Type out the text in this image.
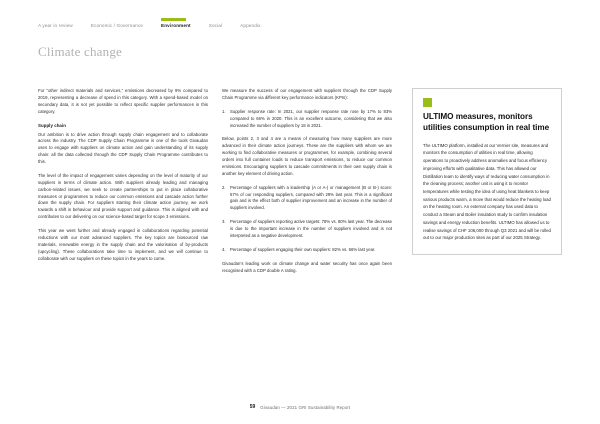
A year in review	Economic / Governance	Environment	Social	Appendix
Climate change

For “other indirect materials and services,” emissions decreased by 9% compared to 2019, representing a decrease of spend in this category. With a spend-based model on secondary data, it is not yet possible to reflect specific supplier performances in this category.

Supply chain

Our ambition is to drive action through supply chain engagement and to collaborate across the industry. The CDP Supply Chain Programme is one of the tools Givaudan uses to engage with suppliers on climate action and gain understanding of its supply chain: all the data collected through the CDP Supply Chain Programme contributes to this.

The level of the impact of engagement varies depending on the level of maturity of our suppliers in terms of climate action. With suppliers already leading and managing carbon-related issues, we seek to create partnerships to put in place collaborative measures or programmes to reduce our common emissions and cascade action further down the supply chain. For suppliers starting their climate action journey, we work towards a shift in behaviour and provide support and guidance. This is aligned with and contributes to our delivering on our science-based target for scope 3 emissions.

This year we went further and already engaged in collaborations regarding potential reductions with our most advanced suppliers. The key topics are biosourced raw materials, renewable energy in the supply chain and the valorisation of by-products (upcycling). These collaborations take time to implement, and we will continue to collaborate with our suppliers on these topics in the years to come.

We measure the success of our engagement with suppliers through the CDP Supply Chain Programme via different key performance indicators (KPIs):

Supplier response rate: In 2021, our supplier response rate rose by 17% to 83% compared to 66% in 2020. This is an excellent outcome, considering that we also increased the number of suppliers by 18 in 2021.

Below, points 2, 3 and 4 are a means of measuring how many suppliers are more advanced in their climate action journeys. These are the suppliers with whom we are working to find collaborative measures or programmes, for example, combining several orders into full container loads to reduce transport emissions, to reduce our common emissions. Encouraging suppliers to cascade commitments in their own supply chain is another key element of driving action.

Percentage of suppliers with a leadership (A or A-) or management (B or B-) score: 57% of our responding suppliers, compared with 29% last year. This is a significant gain and is the effect both of supplier improvement and an increase in the number of suppliers involved.
Percentage of suppliers reporting active targets: 78% vs. 80% last year. The decrease is due to the important increase in the number of suppliers involved and is not interpreted as a negative development.
Percentage of suppliers engaging their own suppliers: 82% vs. 66% last year.

Givaudan’s leading work on climate change and water security has once again been recognised with a CDP double A rating.

ULTIMO measures, monitors utilities consumption in real time

The ULTIMO platform, installed at our Vernier site, measures and monitors the consumption of utilities in real time, allowing operations to proactively address anomalies and focus efficiency improving efforts with qualitative data. This has allowed our Distillation team to identify ways of reducing water consumption in the cleaning process; another unit is using it to monitor temperatures while testing the idea of using heat blankets to keep various products warm, a move that would reduce the heating load on the heating room. An external company has used data to conduct a Steam and Boiler insulation study to confirm insulation savings and energy reduction benefits. ULTIMO has allowed us to realise savings of CHF 106,000 through Q3 2021 and will be rolled out to our major production sites as part of our 2025 Strategy.

59 Givaudan — 2021 GRI Sustainability Report
